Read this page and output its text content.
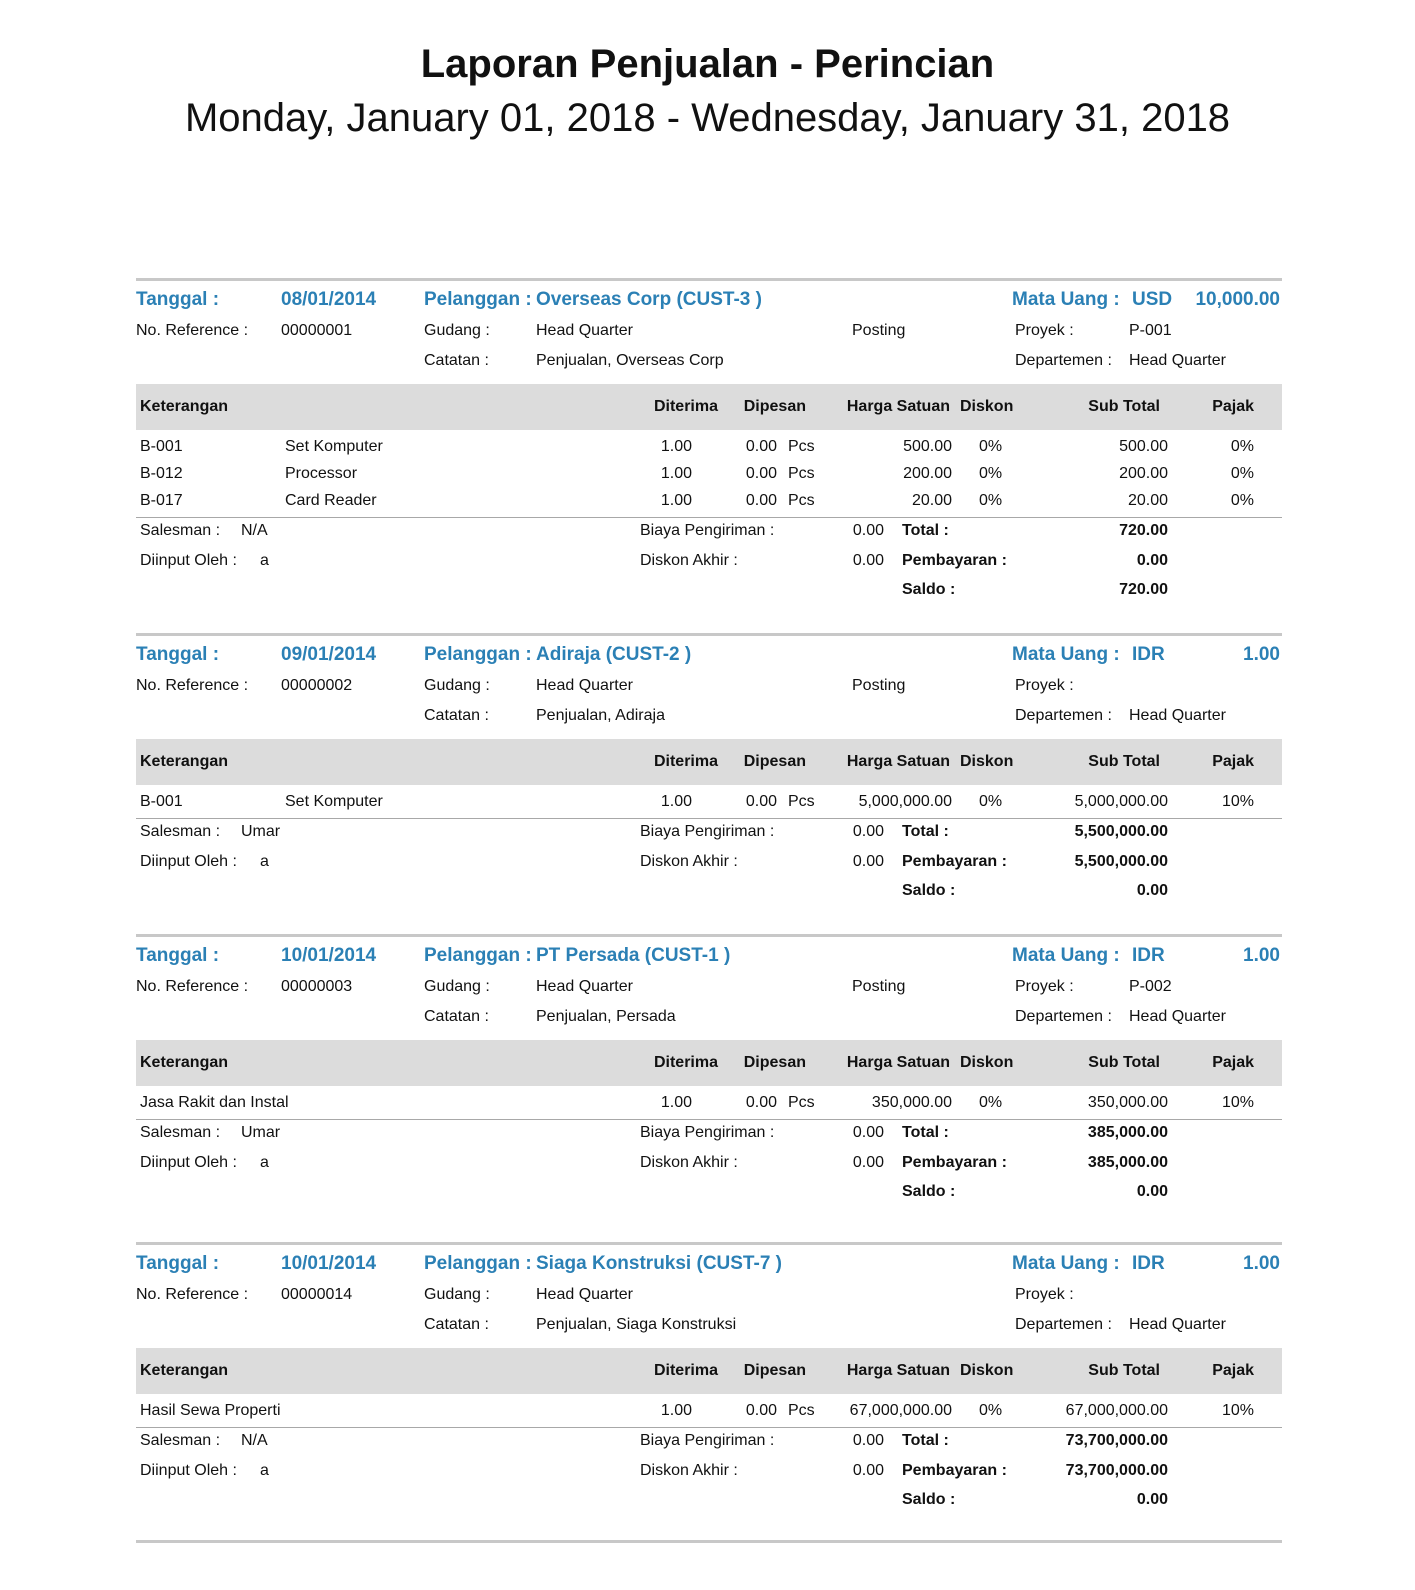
Laporan Penjualan - Perincian
Monday, January 01, 2018 - Wednesday, January 31, 2018
Tanggal :	08/01/2014	Pelanggan : Overseas Corp (CUST-3 )	Mata Uang : USD	10,000.00
No. Reference : 00000001	Gudang :	Head Quarter	Posting	Proyek :	P-001
Catatan :	Penjualan, Overseas Corp	Departemen : Head Quarter
Keterangan	Diterima	Dipesan	Harga Satuan Diskon	Sub Total	Pajak
B-001	Set Komputer	1.00	0.00 Pcs	500.00 0%	500.00	0%
B-012	Processor	1.00	0.00 Pcs	200.00 0%	200.00	0%
B-017	Card Reader	1.00	0.00 Pcs	20.00 0%	20.00	0%
Salesman : N/A
Diinput Oleh : a
Biaya Pengiriman :	0.00
Diskon Akhir :	0.00
Total :	720.00
Pembayaran :	0.00
Saldo :	720.00
Tanggal :	09/01/2014	Pelanggan : Adiraja (CUST-2 )	Mata Uang : IDR	1.00
No. Reference : 00000002	Gudang :	Head Quarter	Posting	Proyek :
Catatan :	Penjualan, Adiraja	Departemen : Head Quarter
Keterangan	Diterima	Dipesan	Harga Satuan Diskon	Sub Total	Pajak
B-001	Set Komputer	1.00	0.00 Pcs	5,000,000.00 0%	5,000,000.00	10%
Salesman : Umar
Diinput Oleh : a
Biaya Pengiriman :	0.00
Diskon Akhir :	0.00
Total :	5,500,000.00
Pembayaran :	5,500,000.00
Saldo :	0.00
Tanggal :	10/01/2014	Pelanggan : PT Persada (CUST-1 )	Mata Uang : IDR	1.00
No. Reference : 00000003	Gudang :	Head Quarter	Posting	Proyek :	P-002
Catatan :	Penjualan, Persada	Departemen : Head Quarter
Keterangan	Diterima	Dipesan	Harga Satuan Diskon	Sub Total	Pajak
Jasa Rakit dan Instal	1.00	0.00 Pcs	350,000.00 0%	350,000.00	10%
Salesman : Umar
Diinput Oleh : a
Biaya Pengiriman :	0.00
Diskon Akhir :	0.00
Total :	385,000.00
Pembayaran :	385,000.00
Saldo :	0.00
Tanggal :	10/01/2014	Pelanggan : Siaga Konstruksi (CUST-7 )	Mata Uang : IDR	1.00
No. Reference : 00000014	Gudang :	Head Quarter	Proyek :
Catatan :	Penjualan, Siaga Konstruksi	Departemen : Head Quarter
Keterangan	Diterima	Dipesan	Harga Satuan Diskon	Sub Total	Pajak
Hasil Sewa Properti	1.00	0.00 Pcs	67,000,000.00 0%	67,000,000.00	10%
Salesman : N/A
Diinput Oleh : a
Biaya Pengiriman :	0.00
Diskon Akhir :	0.00
Total :	73,700,000.00
Pembayaran :	73,700,000.00
Saldo :	0.00
